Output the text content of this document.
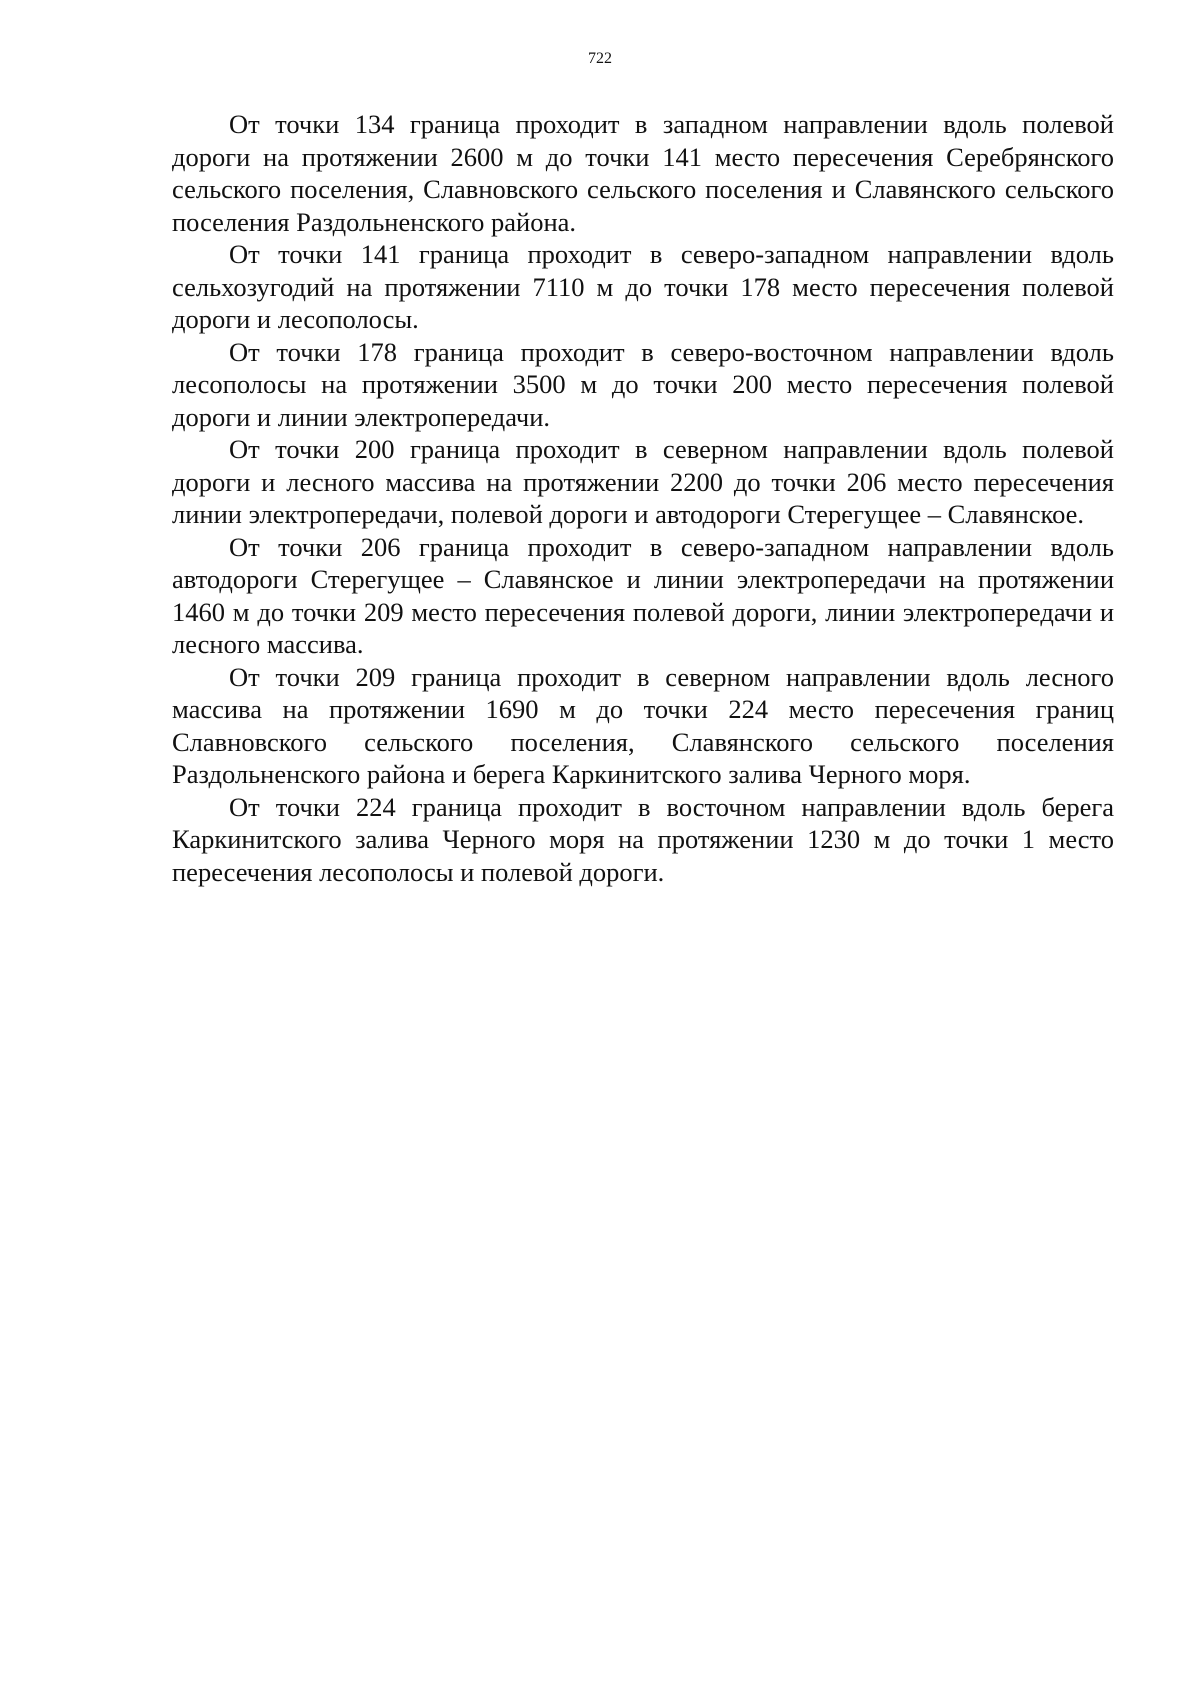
722

От точки 134 граница проходит в западном направлении вдоль полевой дороги на протяжении 2600 м до точки 141 место пересечения Серебрянского сельского поселения, Славновского сельского поселения и Славянского сельского поселения Раздольненского района.

От точки 141 граница проходит в северо-западном направлении вдоль сельхозугодий на протяжении 7110 м до точки 178 место пересечения полевой дороги и лесополосы.

От точки 178 граница проходит в северо-восточном направлении вдоль лесополосы на протяжении 3500 м до точки 200 место пересечения полевой дороги и линии электропередачи.

От точки 200 граница проходит в северном направлении вдоль полевой дороги и лесного массива на протяжении 2200 до точки 206 место пересечения линии электропередачи, полевой дороги и автодороги Стерегущее – Славянское.

От точки 206 граница проходит в северо-западном направлении вдоль автодороги Стерегущее – Славянское и линии электропередачи на протяжении 1460 м до точки 209 место пересечения полевой дороги, линии электропередачи и лесного массива.

От точки 209 граница проходит в северном направлении вдоль лесного массива на протяжении 1690 м до точки 224 место пересечения границ Славновского сельского поселения, Славянского сельского поселения Раздольненского района и берега Каркинитского залива Черного моря.

От точки 224 граница проходит в восточном направлении вдоль берега Каркинитского залива Черного моря на протяжении 1230 м до точки 1 место пересечения лесополосы и полевой дороги.
